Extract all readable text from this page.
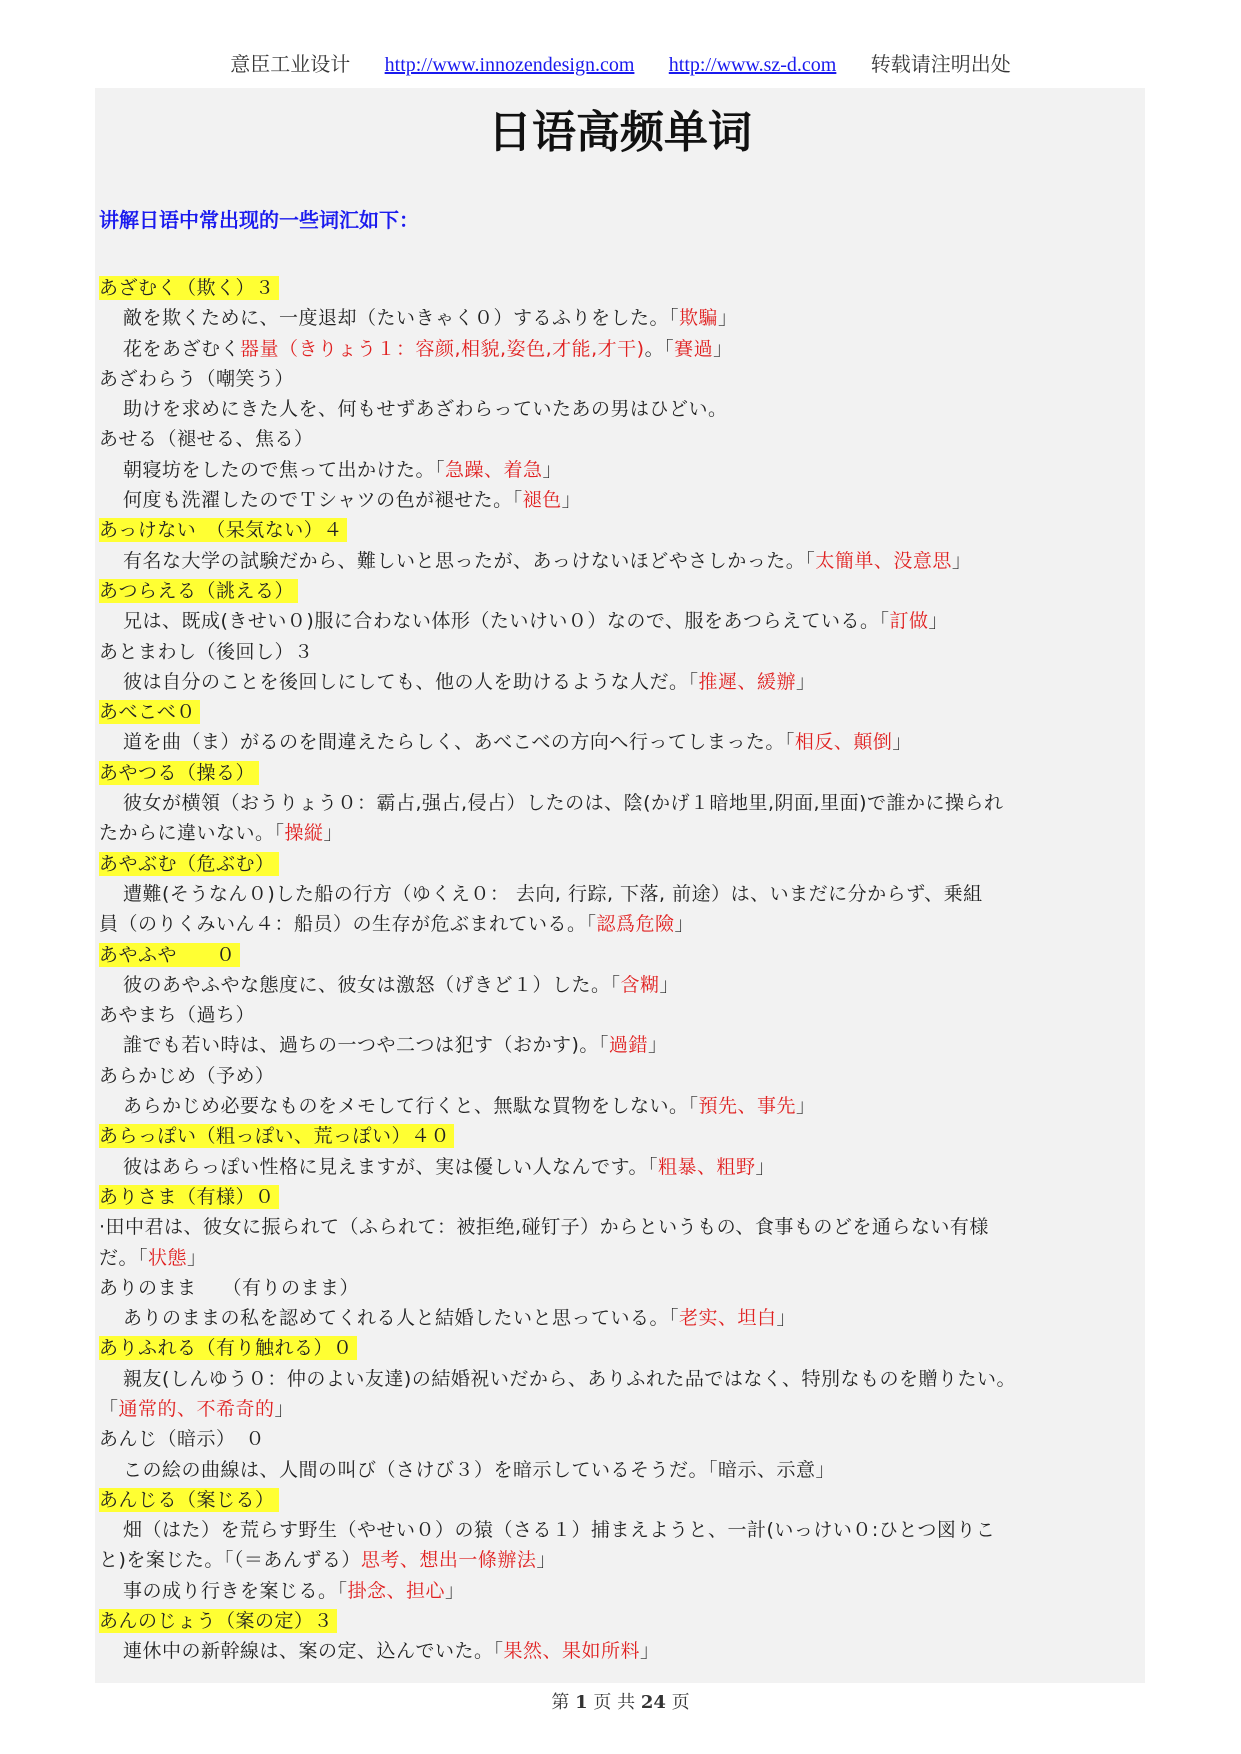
意臣工业设计 http://www.innozendesign.com http://www.sz-d.com 转载请注明出处
日语高频单词
讲解日语中常出现的一些词汇如下：
あざむく（欺く）３
敵を欺くために、一度退却（たいきゃく０）するふりをした。「欺騙」
花をあざむく器量（きりょう１：容颜,相貌,姿色,才能,才干)。「賽過」
あざわらう（嘲笑う）
助けを求めにきた人を、何もせずあざわらっていたあの男はひどい。
あせる（褪せる、焦る）
朝寝坊をしたので焦って出かけた。「急躁、着急」
何度も洗濯したのでＴシャツの色が褪せた。「褪色」
あっけない　（呆気ない）４
有名な大学の試験だから、難しいと思ったが、あっけないほどやさしかった。「太簡単、没意思」
あつらえる（誂える）
兄は、既成(きせい０)服に合わない体形（たいけい０）なので、服をあつらえている。「訂做」
あとまわし（後回し）３
彼は自分のことを後回しにしても、他の人を助けるような人だ。「推遲、緩辦」
あべこべ０
道を曲（ま）がるのを間違えたらしく、あべこべの方向へ行ってしまった。「相反、顛倒」
あやつる（操る）
彼女が横領（おうりょう０：霸占,强占,侵占）したのは、陰(かげ１暗地里,阴面,里面)で誰かに操られ
たからに違いない。「操縦」
あやぶむ（危ぶむ）
遭難(そうなん０)した船の行方（ゆくえ０： 去向, 行踪, 下落, 前途）は、いまだに分からず、乗組
員（のりくみいん４：船员）の生存が危ぶまれている。「認爲危險」
あやふや　　０
彼のあやふやな態度に、彼女は激怒（げきど１）した。「含糊」
あやまち（過ち）
誰でも若い時は、過ちの一つや二つは犯す（おかす)。「過錯」
あらかじめ（予め）
あらかじめ必要なものをメモして行くと、無駄な買物をしない。「預先、事先」
あらっぽい（粗っぽい、荒っぽい）４０
彼はあらっぽい性格に見えますが、実は優しい人なんです。「粗暴、粗野」
ありさま（有様）０
·田中君は、彼女に振られて（ふられて：被拒绝,碰钉子）からというもの、食事ものどを通らない有様
だ。「状態」
ありのまま　 （有りのまま）
ありのままの私を認めてくれる人と結婚したいと思っている。「老实、坦白」
ありふれる（有り触れる）０
親友(しんゆう０：仲のよい友達)の結婚祝いだから、ありふれた品ではなく、特別なものを贈りたい。
「通常的、不希奇的」
あんじ（暗示）　０
この絵の曲線は、人間の叫び（さけび３）を暗示しているそうだ。「暗示、示意」
あんじる（案じる）
畑（はた）を荒らす野生（やせい０）の猿（さる１）捕まえようと、一計(いっけい０:ひとつ図りこ
と)を案じた。「（＝あんずる）思考、想出一條辦法」
事の成り行きを案じる。「掛念、担心」
あんのじょう（案の定）３
連休中の新幹線は、案の定、込んでいた。「果然、果如所料」
第 1 页 共 24 页
